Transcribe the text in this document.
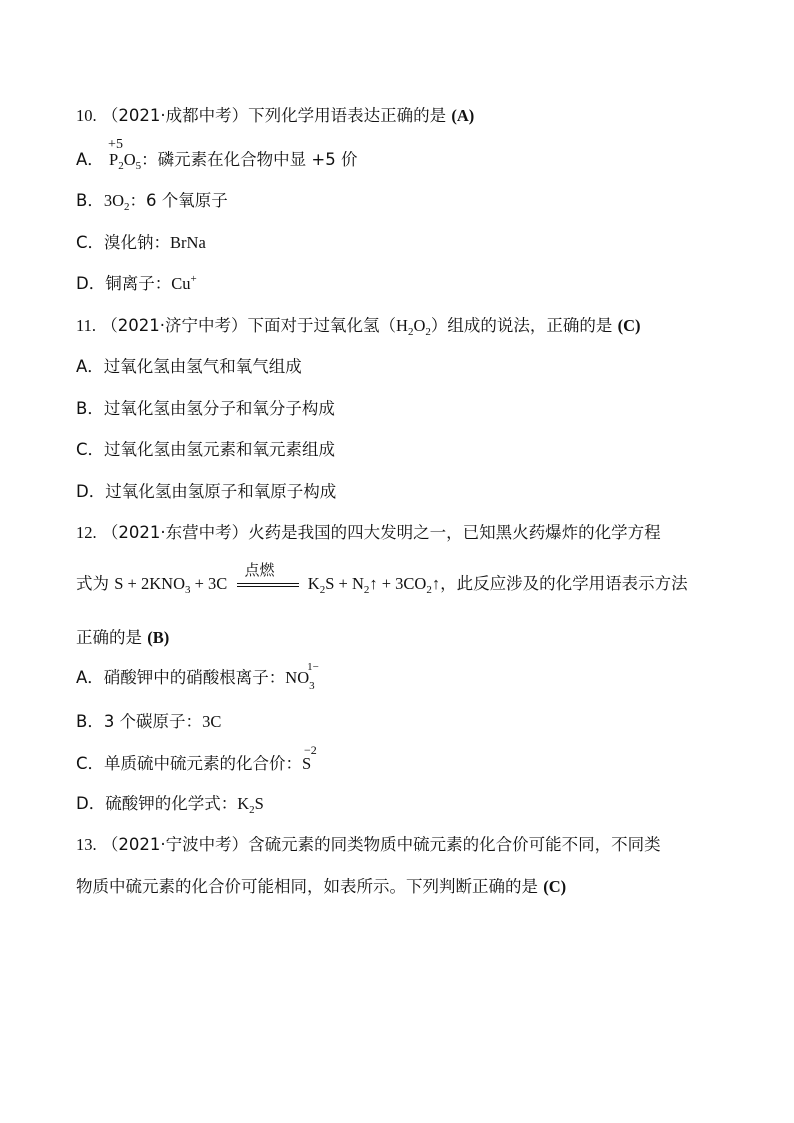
10. （2021·成都中考）下列化学用语表达正确的是 (A)
A．
+5
$P_2O_5$：磷元素在化合物中显 +5 价
B．$3O_2$：6 个氧原子
C．溴化钠：BrNa
D．铜离子：Cu+
11. （2021·济宁中考）下面对于过氧化氢$(H_2O_2)$组成的说法，正确的是 (C)
A．过氧化氢由氢气和氧气组成
B．过氧化氢由氢分子和氧分子构成
C．过氧化氢由氢元素和氧元素组成
D．过氧化氢由氢原子和氧原子构成
12. （2021·东营中考）火药是我国的四大发明之一，已知黑火药爆炸的化学方程
式为 $S + 2KNO_3 + 3C$
点燃
$K_2S$ + $N_2↑$ + $3CO_2↑$，此反应涉及的化学用语表示方法
正确的是 (B)
A．硝酸钾中的硝酸根离子：NO
1−
3
B．3 个碳原子：3C
C．单质硫中硫元素的化合价：
−2
S
D．硫酸钾的化学式：$K_2S$
13. （2021·宁波中考）含硫元素的同类物质中硫元素的化合价可能不同，不同类
物质中硫元素的化合价可能相同，如表所示。下列判断正确的是 (C)
